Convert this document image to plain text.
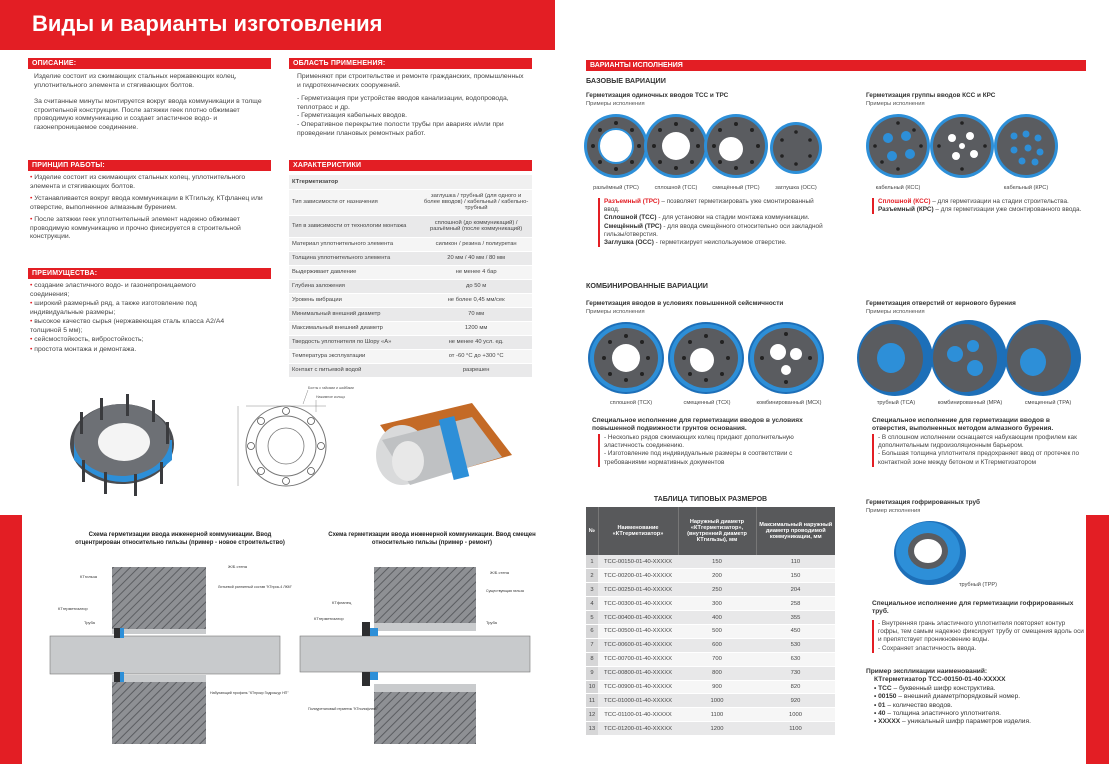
Виды и варианты изготовления
ОПИСАНИЕ:

Изделие состоит из сжимающих стальных нержавеющих колец, уплотнительного элемента и стягивающих болтов.

За считанные минуты монтируется вокруг ввода коммуникации в толще строительной конструкции. После затяжки геек плотно обжимает проводимую коммуникацию и создает эластичное водо- и газонепроницаемое соединение.

ПРИНЦИП РАБОТЫ:
• Изделие состоит из сжимающих стальных колец, уплотнительного элемента и стягивающих болтов.
• Устанавливается вокруг ввода коммуникации в КТгильзу, КТфланец или отверстие, выполненное алмазным бурением.
• После затяжки геек уплотнительный элемент надежно обжимает проводимую коммуникацию и прочно фиксируется в строительной конструкции.
ПРЕИМУЩЕСТВА:
• создание эластичного водо- и газонепроницаемого соединения;
• широкий размерный ряд, а также изготовление под индивидуальные размеры;
• высокое качество сырья (нержавеющая сталь класса A2/A4 толщиной 5 мм);
• сейсмостойкость, вибростойкость;
• простота монтажа и демонтажа.
ОБЛАСТЬ ПРИМЕНЕНИЯ:

Применяют при строительстве и ремонте гражданских, промышленных и гидротехнических сооружений.

- Герметизация при устройстве вводов канализации, водопровода, теплотрасс и др.
- Герметизация кабельных вводов.
- Оперативное перекрытие полости трубы при авариях и/или при проведении плановых ремонтных работ.
ХАРАКТЕРИСТИКИ
КТгерметизатор	
Тип зависимости от назначения	заглушка / трубный (для одного и более вводов) / кабельный / кабельно-трубный
Тип в зависимости от технологии монтажа	сплошной (до коммуникаций) / разъёмный (после коммуникаций)
Материал уплотнительного элемента	силикон / резина / полиуретан
Толщина уплотнительного элемента	20 мм / 40 мм / 80 мм
Выдерживает давление	не менее 4 бар
Глубина заложения	до 50 м
Уровень вибрации	не более 0,45 мм/сек
Минимальный внешний диаметр	70 мм
Максимальный внешний диаметр	1200 мм
Твердость уплотнителя по Шору «А»	не менее 40 усл. ед.
Температура эксплуатации	от -60 °С до +300 °С
Контакт с питьевой водой	разрешен
Болты с гайками и шайбами
Нажимное кольцо
Схема герметизации ввода инженерной коммуникации. Ввод отцентрирован относительно гильзы (пример - новое строительство)
КТгильза
КТгерметизатор
Труба
Ж/Б стена
Литьевой раннитный состав "КТпрок-4 ЛКМ"
Набухающий профиль "КТпрокр Гидрошур НП"
Схема герметизации ввода инженерной коммуникации. Ввод смещен относительно гильзы (пример - ремонт)
КТфланец
КТгерметизатор
Ж/Б стена
Существующая гильза
Труба
Полиуретановый герметик "КТполифлекс"
ВАРИАНТЫ ИСПОЛНЕНИЯ
БАЗОВЫЕ ВАРИАЦИИ
Герметизация одиночных вводов ТСС и ТРС
Примеры исполнения
разъёмный (ТРС)	сплошной (ТСС)	смещённый (ТРС)	заглушка (ОСС)
Разъемный (ТРС) – позволяет герметизировать уже смонтированный ввод.
Сплошной (ТСС) - для установки на стадии монтажа коммуникации.
Смещённый (ТРС) - для ввода смещённого относительно оси закладной гильзы/отверстия.
Заглушка (ОСС) - герметизирует неиспользуемое отверстие.
Герметизация группы вводов КСС и КРС
Примеры исполнения
кабельный (КСС)	кабельный (КРС)
Сплошной (КСС) – для герметизации на стадии строительства.
Разъемный (КРС) – для герметизации уже смонтированного ввода.
КОМБИНИРОВАННЫЕ ВАРИАЦИИ
Герметизация вводов в условиях повышенной сейсмичности
Примеры исполнения
сплошной (ТСХ)	смещенный (ТСХ)	комбинированный (МСХ)
Специальное исполнение для герметизации вводов в условиях повышенной подвижности грунтов основания.
- Несколько рядов сжимающих колец придают дополнительную эластичность соединению.
- Изготовление под индивидуальные размеры в соответствии с требованиями нормативных документов
Герметизация отверстий от кернового бурения
Примеры исполнения
трубный (ТСА)	комбинированный (МРА)	смещенный (ТРА)
Специальное исполнение для герметизации вводов в отверстия, выполненных методом алмазного бурения.
- В сплошном исполнении оснащается набухающим профилем как дополнительным гидроизоляционным барьером.
- Большая толщина уплотнителя предохраняет ввод от протечек по контактной зоне между бетоном и КТгерметизатором
Герметизация гофрированных труб
Пример исполнения
трубный (ТРР)
Специальное исполнение для герметизации гофрированных труб.
- Внутренняя грань эластичного уплотнителя повторяет контур гофры, тем самым надежно фиксирует трубу от смещения вдоль оси и препятствует проникновению воды.
- Сохраняет эластичность ввода.
ТАБЛИЦА ТИПОВЫХ РАЗМЕРОВ
№	Наименование «КТгерметизатор»	Наружный диаметр «КТгерметизатор», (внутренний диаметр КТгильзы), мм	Максимальный наружный диаметр проводимой коммуникации, мм
1	ТСС-00150-01-40-XXXXX	150	110
2	ТСС-00200-01-40-XXXXX	200	150
3	ТСС-00250-01-40-XXXXX	250	204
4	ТСС-00300-01-40-XXXXX	300	258
5	ТСС-00400-01-40-XXXXX	400	355
6	ТСС-00500-01-40-XXXXX	500	450
7	ТСС-00600-01-40-XXXXX	600	530
8	ТСС-00700-01-40-XXXXX	700	630
9	ТСС-00800-01-40-XXXXX	800	730
10	ТСС-00900-01-40-XXXXX	900	820
11	ТСС-01000-01-40-XXXXX	1000	920
12	ТСС-01100-01-40-XXXXX	1100	1000
13	ТСС-01200-01-40-XXXXX	1200	1100
Пример экспликации наименований:
КТгерметизатор ТСС-00150-01-40-XXXXX
• ТСС – буквенный шифр конструктива.
• 00150 – внешний диаметр/порядковый номер.
• 01 – количество вводов.
• 40 – толщина эластичного уплотнителя.
• XXXXX – уникальный шифр параметров изделия.
